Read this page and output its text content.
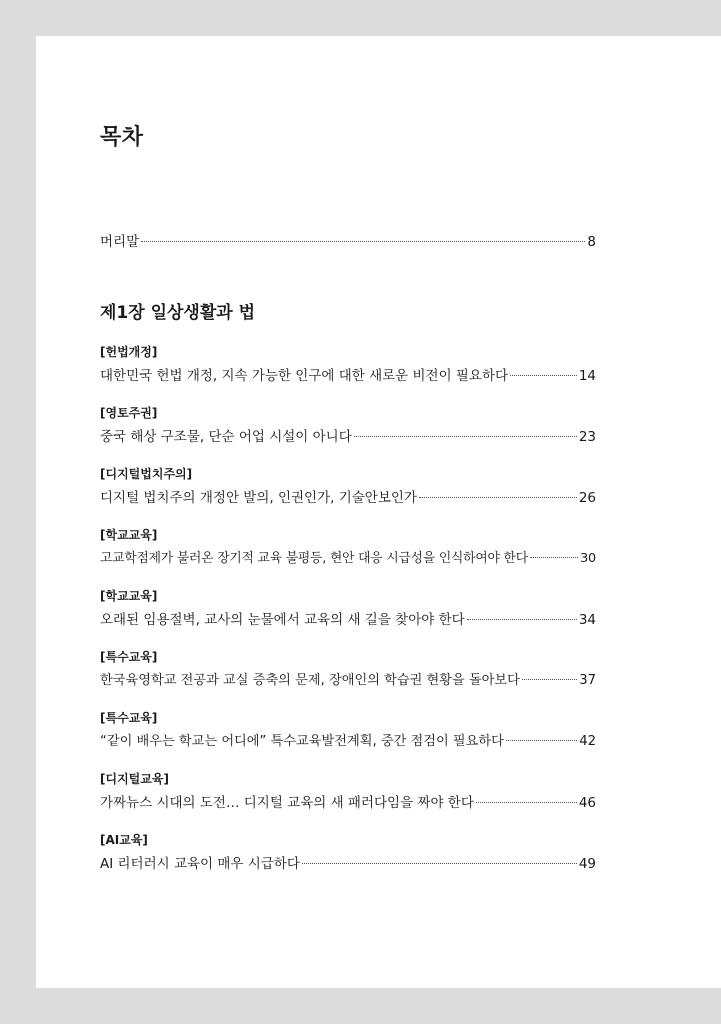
목차
머리말	8
제1장 일상생활과 법
[헌법개정]
대한민국 헌법 개정, 지속 가능한 인구에 대한 새로운 비전이 필요하다	14
[영토주권]
중국 해상 구조물, 단순 어업 시설이 아니다	23
[디지털법치주의]
디지털 법치주의 개정안 발의, 인권인가, 기술안보인가	26
[학교교육]
고교학점제가 불러온 장기적 교육 불평등, 현안 대응 시급성을 인식하여야 한다	30
[학교교육]
오래된 임용절벽, 교사의 눈물에서 교육의 새 길을 찾아야 한다	34
[특수교육]
한국육영학교 전공과 교실 증축의 문제, 장애인의 학습권 현황을 돌아보다	37
[특수교육]
“같이 배우는 학교는 어디에” 특수교육발전계획, 중간 점검이 필요하다	42
[디지털교육]
가짜뉴스 시대의 도전… 디지털 교육의 새 패러다임을 짜야 한다	46
[AI교육]
AI 리터러시 교육이 매우 시급하다	49
